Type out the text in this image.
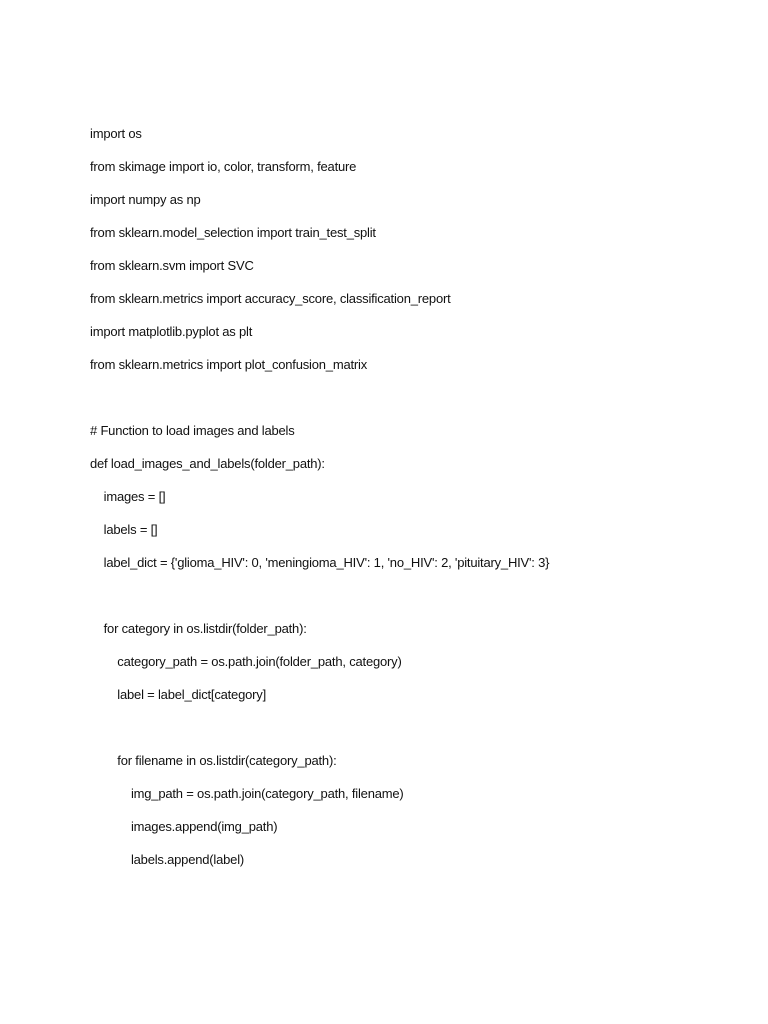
import os
from skimage import io, color, transform, feature
import numpy as np
from sklearn.model_selection import train_test_split
from sklearn.svm import SVC
from sklearn.metrics import accuracy_score, classification_report
import matplotlib.pyplot as plt
from sklearn.metrics import plot_confusion_matrix
# Function to load images and labels
def load_images_and_labels(folder_path):
images = []
labels = []
label_dict = {'glioma_HIV': 0, 'meningioma_HIV': 1, 'no_HIV': 2, 'pituitary_HIV': 3}
for category in os.listdir(folder_path):
category_path = os.path.join(folder_path, category)
label = label_dict[category]
for filename in os.listdir(category_path):
img_path = os.path.join(category_path, filename)
images.append(img_path)
labels.append(label)
